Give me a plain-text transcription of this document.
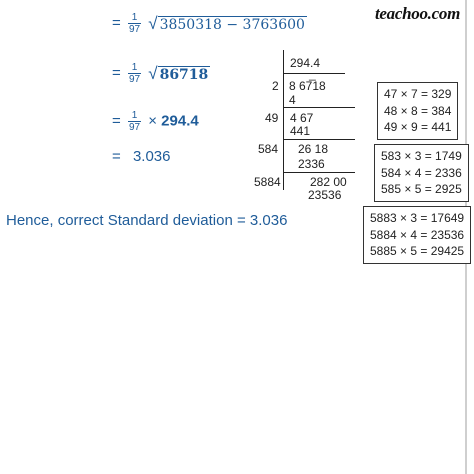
teachoo.com
= $\frac{1}{97}$ √ 3850318 − 3763600
= $\frac{1}{97}$ √ 86718
= $\frac{1}{97} \times 294.4$
= 3.036
Hence, correct Standard deviation = 3.036
294.4
2 8 67̅18
4
49 4 67
441
584 26 18
2336
5884 282 00
23536
47 × 7 = 329
48 × 8 = 384
49 × 9 = 441
583 × 3 = 1749
584 × 4 = 2336
585 × 5 = 2925
5883 × 3 = 17649
5884 × 4 = 23536
5885 × 5 = 29425
